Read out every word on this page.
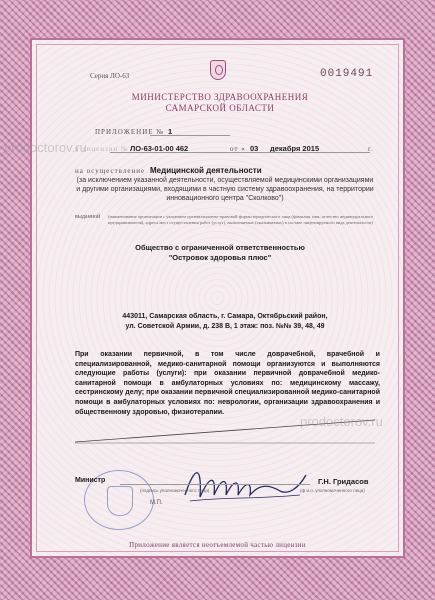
Серия ЛО-63	0019491
МИНИСТЕРСТВО ЗДРАВООХРАНЕНИЯ
САМАРСКОЙ ОБЛАСТИ
ПРИЛОЖЕНИЕ № 1
к лицензии № ЛО-63-01-00 462	от « 03 декабря 2015	г.
на осуществление Медицинской деятельности
(за исключением указанной деятельности, осуществляемой медицинскими организациями и другими организациями, входящими в частную систему здравоохранения, на территории инновационного центра "Сколково")
выданной (наименование организации с указанием организационно-правовой формы юридического лица (фамилия, имя, отчество индивидуального предпринимателя), адреса мест осуществления работ (услуг), выполняемых (оказываемых) в составе лицензируемого вида деятельности)
Общество с ограниченной ответственностью
"Островок здоровья плюс"
443011, Самарская область, г. Самара, Октябрьский район,
ул. Советской Армии, д. 238 В, 1 этаж: поз. №№ 39, 48, 49
При оказании первичной, в том числе доврачебной, врачебной и специализированной, медико-санитарной помощи организуются и выполняются следующие работы (услуги): при оказании первичной доврачебной медико-санитарной помощи в амбулаторных условиях по: медицинскому массажу, сестринскому делу; при оказании первичной специализированной медико-санитарной помощи в амбулаторных условиях по: неврологии, организации здравоохранения и общественному здоровью, физиотерапии.
prodoctorov.ru
prodoctorov.ru
Министр	Г.Н. Гридасов
(подпись уполномоченного лица)	(ф.и.о. уполномоченного лица)
М.П.
Приложение является неотъемлемой частью лицензии
